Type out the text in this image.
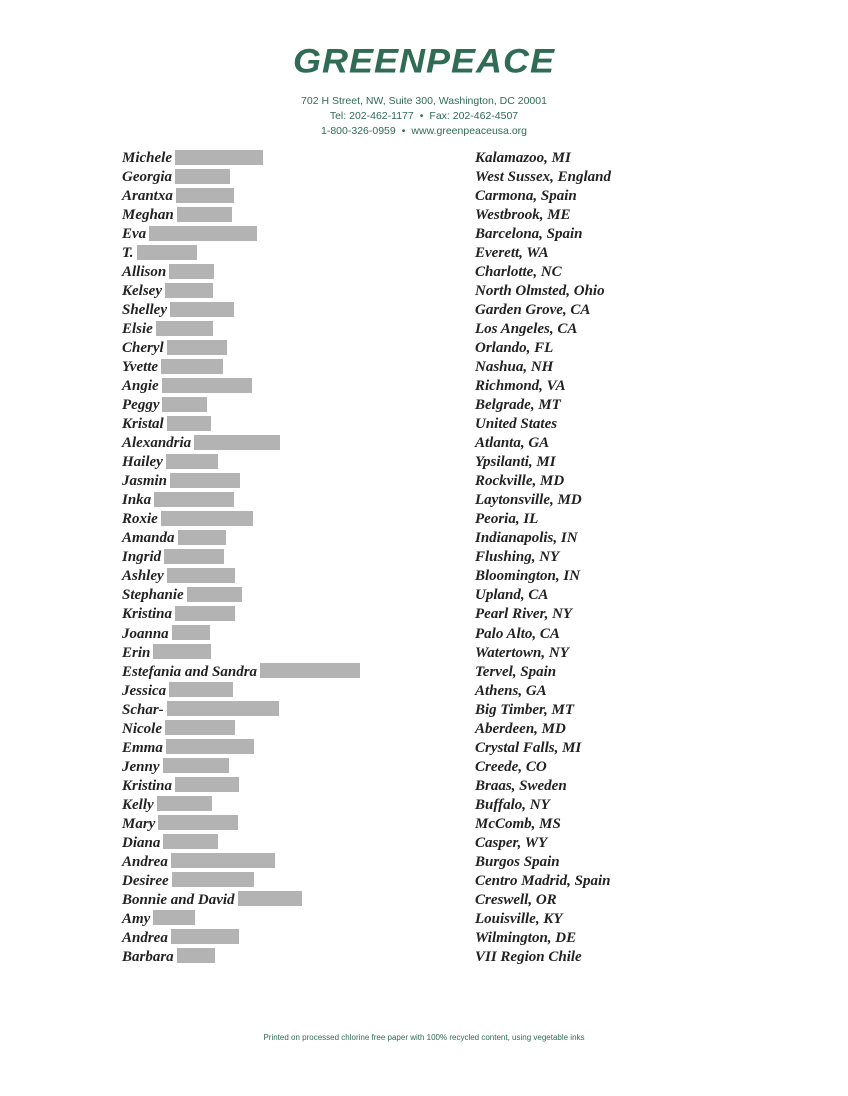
GREENPEACE
702 H Street, NW, Suite 300, Washington, DC 20001
Tel: 202-462-1177 • Fax: 202-462-4507
1-800-326-0959 • www.greenpeaceusa.org
Michele	Kalamazoo, MI
Georgia	West Sussex, England
Arantxa	Carmona, Spain
Meghan	Westbrook, ME
Eva	Barcelona, Spain
T.	Everett, WA
Allison	Charlotte, NC
Kelsey	North Olmsted, Ohio
Shelley	Garden Grove, CA
Elsie	Los Angeles, CA
Cheryl	Orlando, FL
Yvette	Nashua, NH
Angie	Richmond, VA
Peggy	Belgrade, MT
Kristal	United States
Alexandria	Atlanta, GA
Hailey	Ypsilanti, MI
Jasmin	Rockville, MD
Inka	Laytonsville, MD
Roxie	Peoria, IL
Amanda	Indianapolis, IN
Ingrid	Flushing, NY
Ashley	Bloomington, IN
Stephanie	Upland, CA
Kristina	Pearl River, NY
Joanna	Palo Alto, CA
Erin	Watertown, NY
Estefania and Sandra	Tervel, Spain
Jessica	Athens, GA
Schar-	Big Timber, MT
Nicole	Aberdeen, MD
Emma	Crystal Falls, MI
Jenny	Creede, CO
Kristina	Braas, Sweden
Kelly	Buffalo, NY
Mary	McComb, MS
Diana	Casper, WY
Andrea	Burgos Spain
Desiree	Centro Madrid, Spain
Bonnie and David	Creswell, OR
Amy	Louisville, KY
Andrea	Wilmington, DE
Barbara	VII Region Chile
Printed on processed chlorine free paper with 100% recycled content, using vegetable inks
